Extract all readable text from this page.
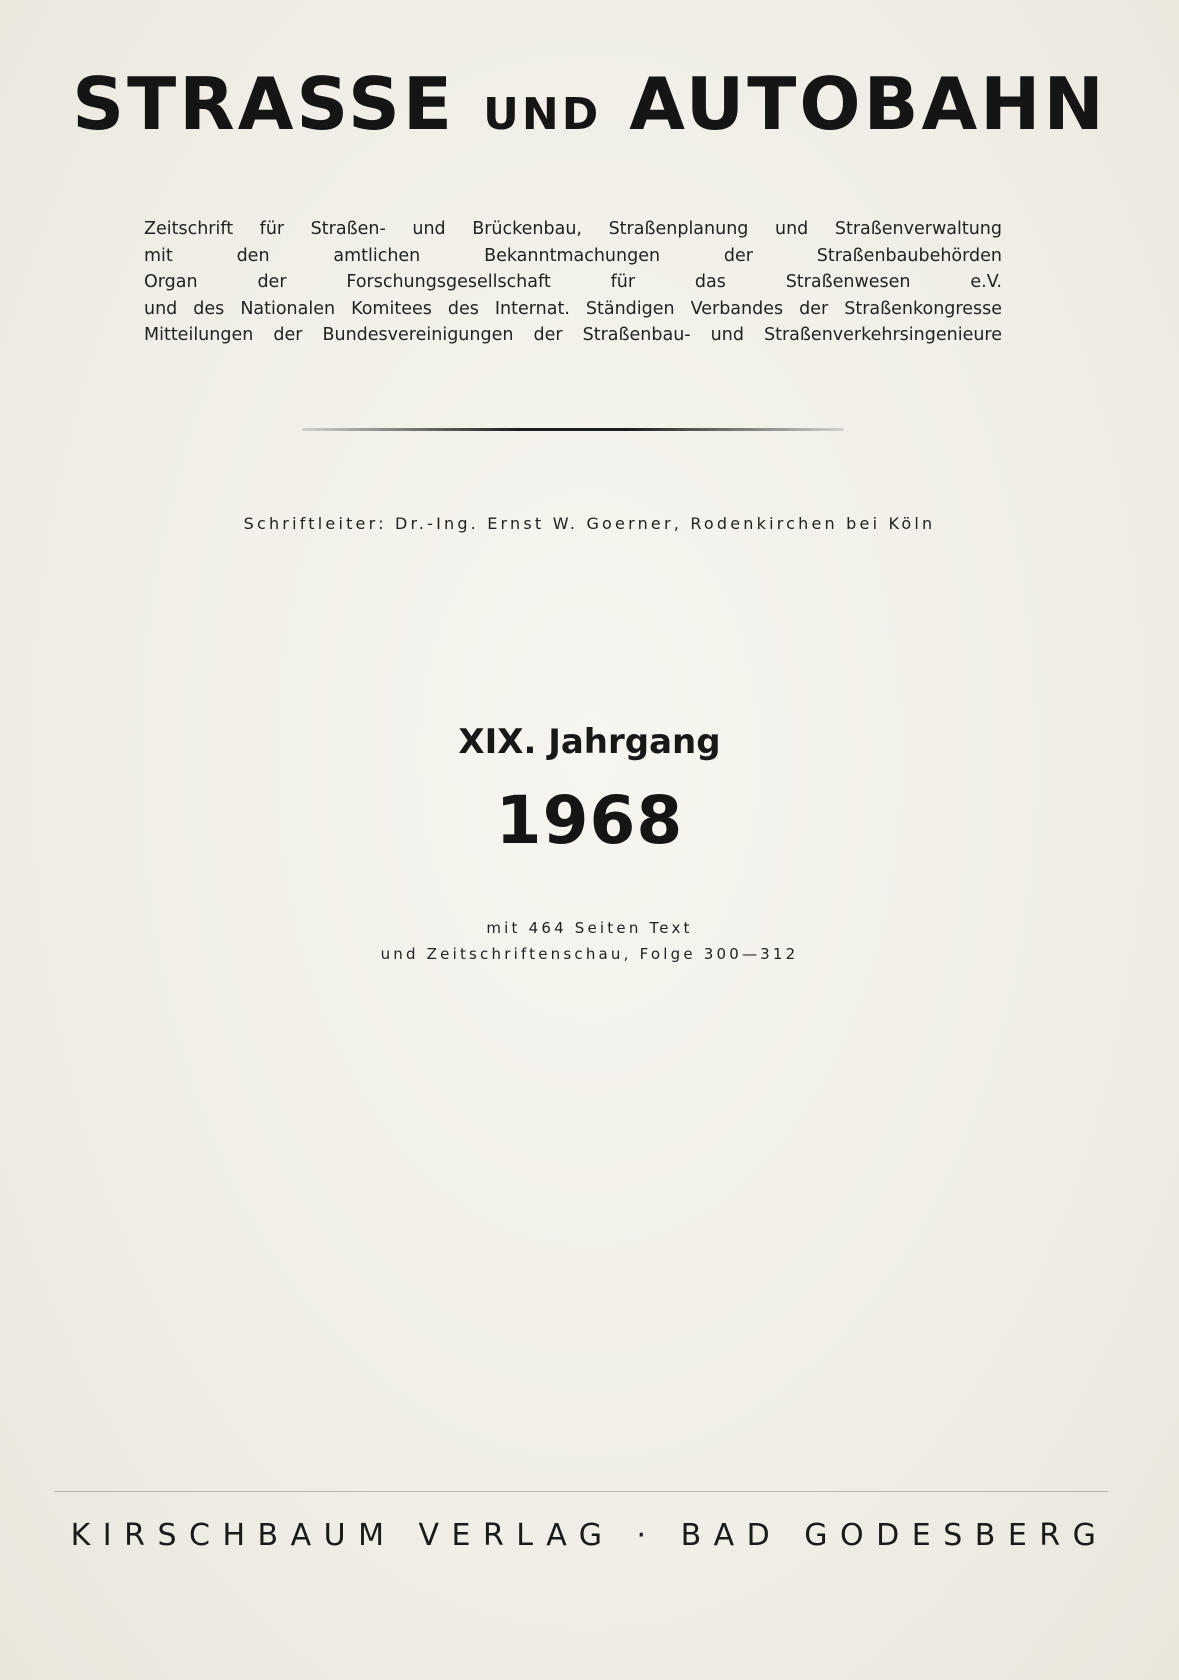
STRASSE UND AUTOBAHN
Zeitschrift für Straßen- und Brückenbau, Straßenplanung und Straßenverwaltung
mit den amtlichen Bekanntmachungen der Straßenbaubehörden
Organ der Forschungsgesellschaft für das Straßenwesen e.V.
und des Nationalen Komitees des Internat. Ständigen Verbandes der Straßenkongresse
Mitteilungen der Bundesvereinigungen der Straßenbau- und Straßenverkehrsingenieure
Schriftleiter: Dr.-Ing. Ernst W. Goerner, Rodenkirchen bei Köln
XIX. Jahrgang
1968
mit 464 Seiten Text
und Zeitschriftenschau, Folge 300—312
KIRSCHBAUM VERLAG · BAD GODESBERG
